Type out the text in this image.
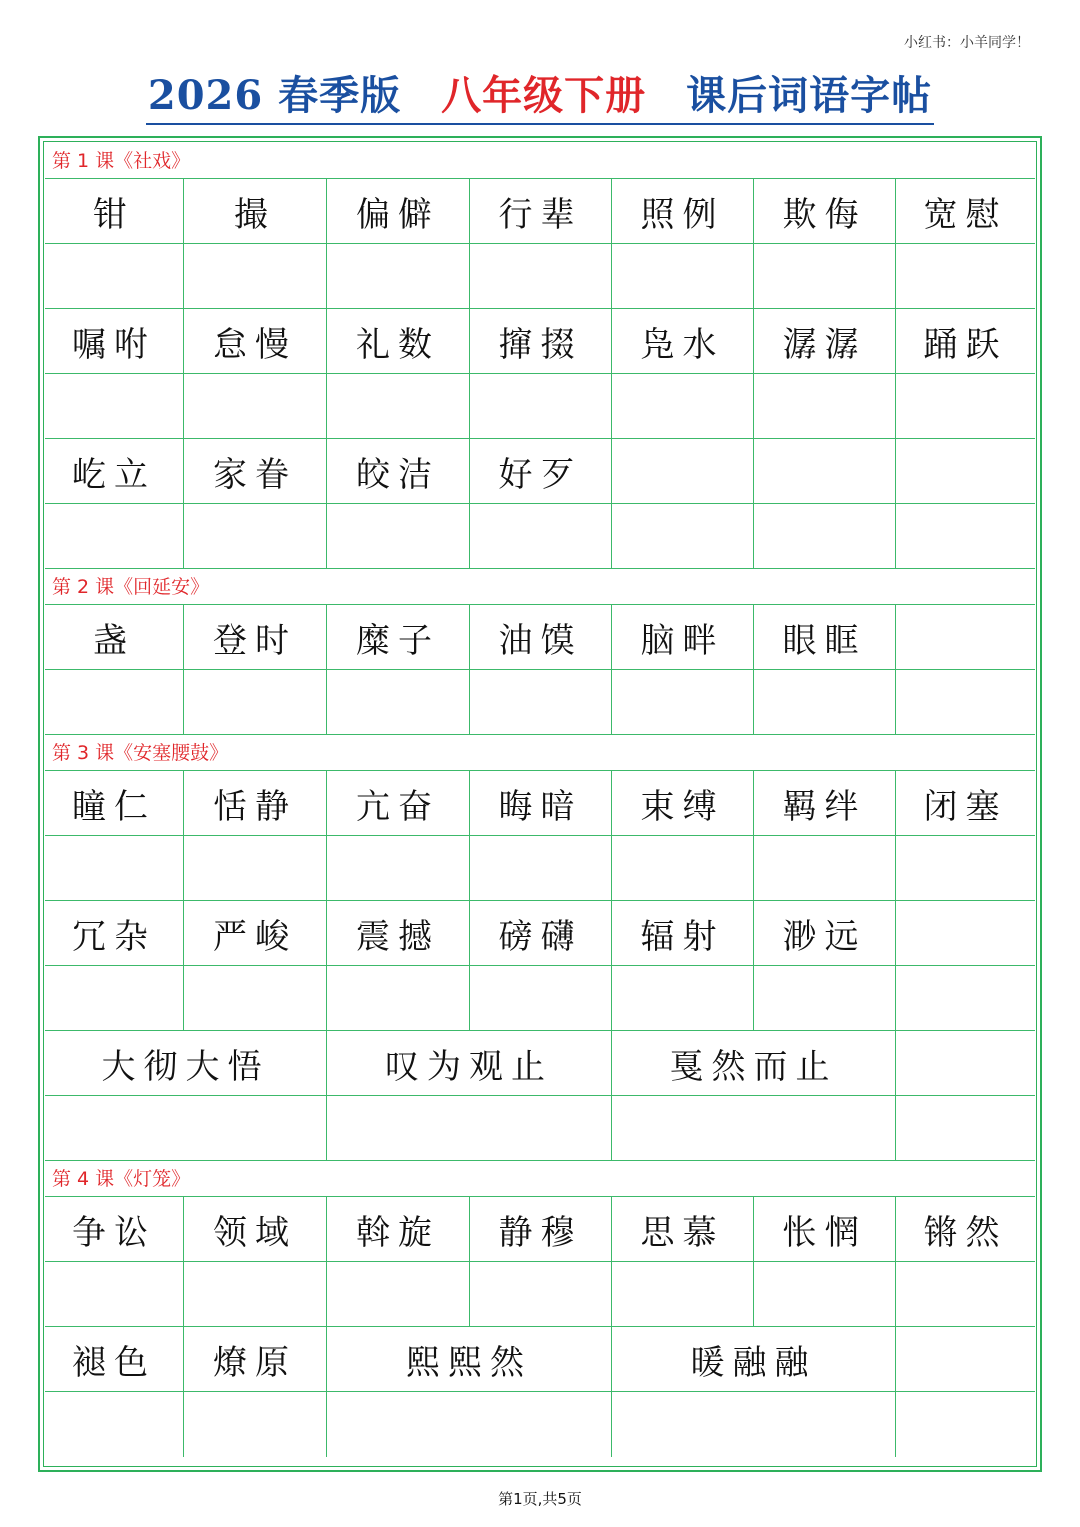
小红书：小羊同学！
2026 春季版 八年级下册 课后词语字帖
第 1 课《社戏》
钳	撮	偏僻	行辈	照例	欺侮	宽慰
嘱咐	怠慢	礼数	撺掇	凫水	潺潺	踊跃
屹立	家眷	皎洁	好歹
第 2 课《回延安》
盏	登时	糜子	油馍	脑畔	眼眶
第 3 课《安塞腰鼓》
瞳仁	恬静	亢奋	晦暗	束缚	羁绊	闭塞
冗杂	严峻	震撼	磅礴	辐射	渺远
大彻大悟	叹为观止	戛然而止
第 4 课《灯笼》
争讼	领域	斡旋	静穆	思慕	怅惘	锵然
褪色	燎原	熙熙然	暖融融
第1页,共5页
